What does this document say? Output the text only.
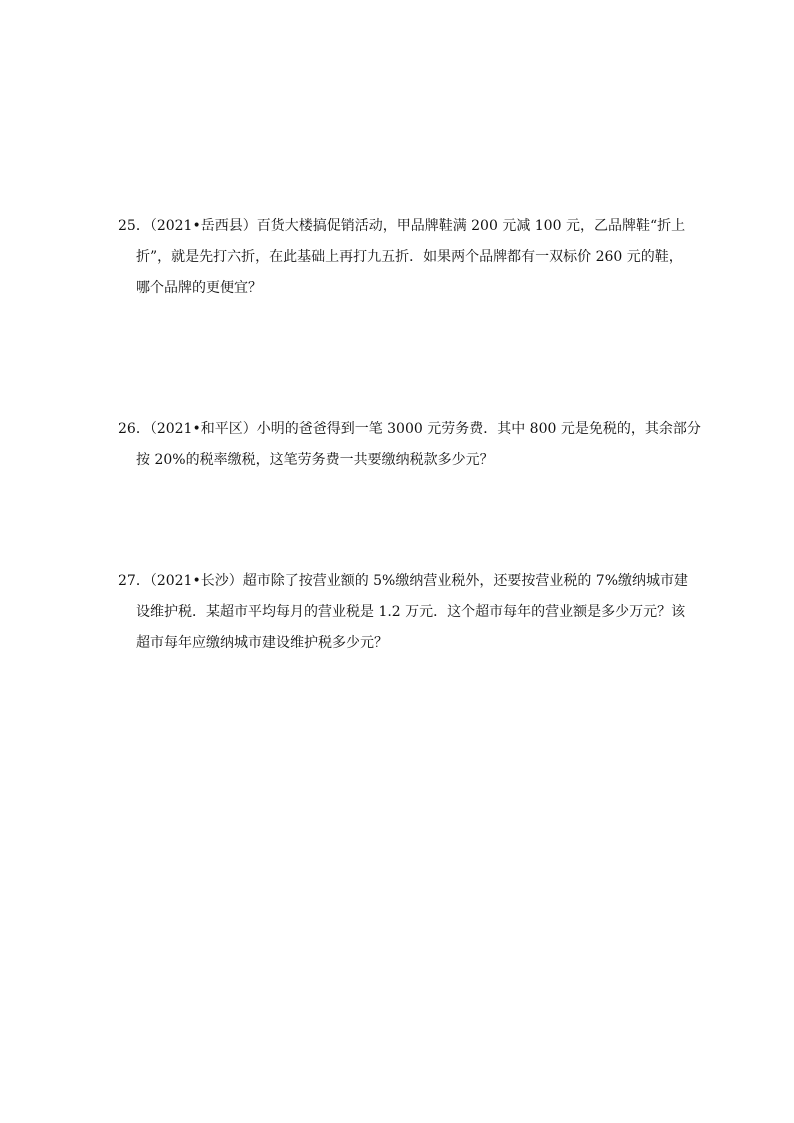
25．（2021•岳西县）百货大楼搞促销活动，甲品牌鞋满 200 元减 100 元，乙品牌鞋“折上
折”，就是先打六折，在此基础上再打九五折．如果两个品牌都有一双标价 260 元的鞋，
哪个品牌的更便宜？
26．（2021•和平区）小明的爸爸得到一笔 3000 元劳务费．其中 800 元是免税的，其余部分
按 20%的税率缴税，这笔劳务费一共要缴纳税款多少元？
27．（2021•长沙）超市除了按营业额的 5%缴纳营业税外，还要按营业税的 7%缴纳城市建
设维护税．某超市平均每月的营业税是 1.2 万元．这个超市每年的营业额是多少万元？该
超市每年应缴纳城市建设维护税多少元？
